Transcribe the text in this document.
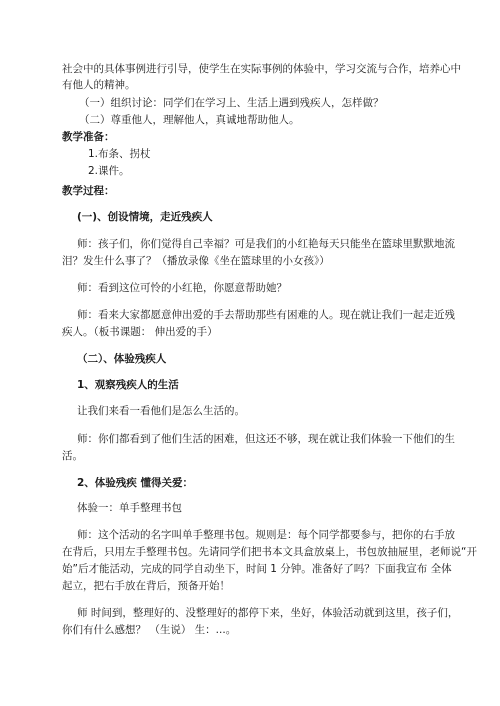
社会中的具体事例进行引导，使学生在实际事例的体验中，学习交流与合作，培养心中
有他人的精神。
（一）组织讨论：同学们在学习上、生活上遇到残疾人，怎样做？
（二）尊重他人，理解他人，真诚地帮助他人。
教学准备：
1.布条、拐杖
2.课件。
教学过程：
(一)、创设情境，走近残疾人
师：孩子们，你们觉得自己幸福？可是我们的小红艳每天只能坐在篮球里默默地流
泪？发生什么事了？（播放录像《坐在篮球里的小女孩》）
师：看到这位可怜的小红艳，你愿意帮助她？
师：看来大家都愿意伸出爱的手去帮助那些有困难的人。现在就让我们一起走近残
疾人。（板书课题： 伸出爱的手）
（二）、体验残疾人
1、观察残疾人的生活
让我们来看一看他们是怎么生活的。
师：你们都看到了他们生活的困难，但这还不够，现在就让我们体验一下他们的生
活。
2、体验残疾 懂得关爱：
体验一：单手整理书包
师：这个活动的名字叫单手整理书包。规则是：每个同学都要参与，把你的右手放
在背后，只用左手整理书包。先请同学们把书本文具盒放桌上，书包放抽屉里，老师说“开
始”后才能活动，完成的同学自动坐下，时间 1 分钟。准备好了吗？下面我宣布 全体
起立，把右手放在背后，预备开始！
师 时间到，整理好的、没整理好的都停下来，坐好，体验活动就到这里，孩子们，
你们有什么感想？ （生说） 生：...。
